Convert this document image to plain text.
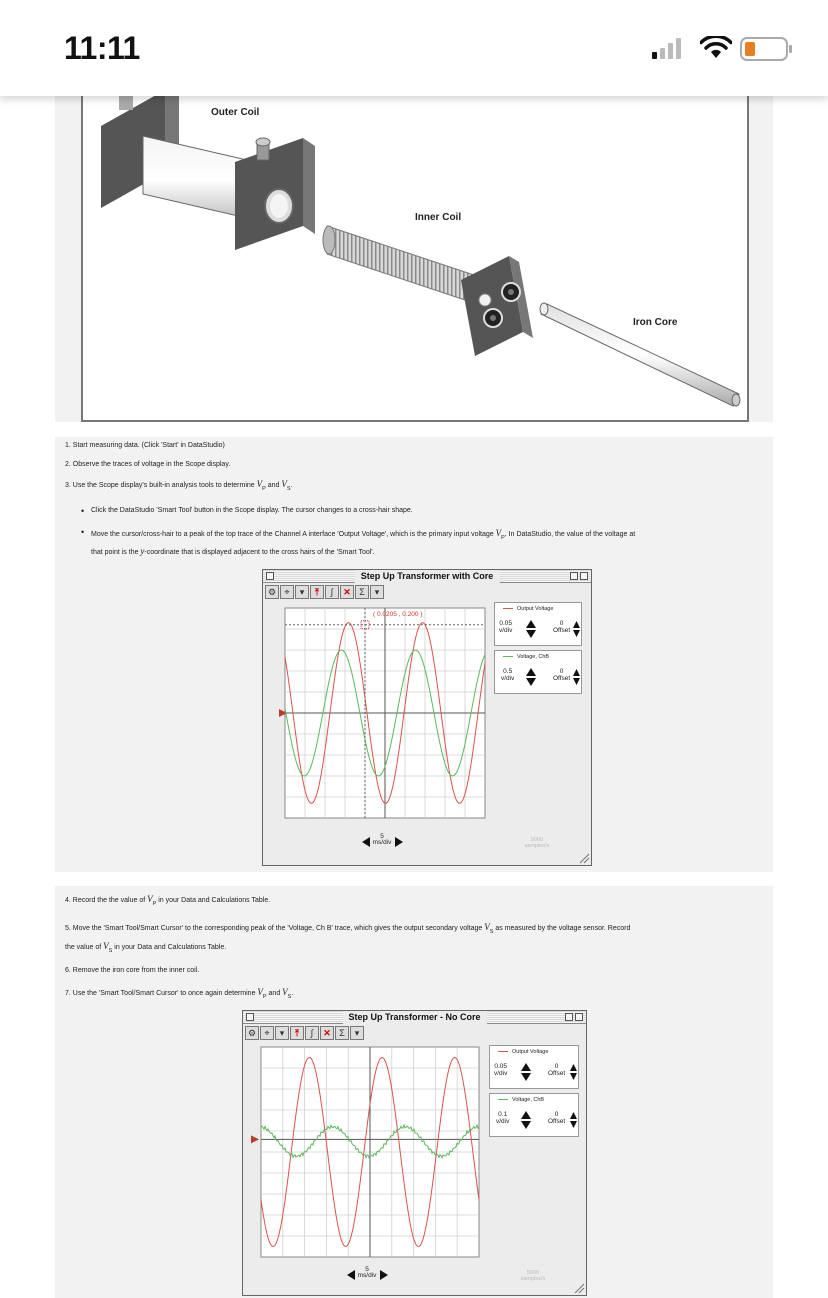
11:11
Outer Coil
Inner Coil
Iron Core
1. Start measuring data. (Click 'Start' in DataStudio)
2. Observe the traces of voltage in the Scope display.
3. Use the Scope display's built-in analysis tools to determine $V_P$ and $V_S$.
• Click the DataStudio 'Smart Tool' button in the Scope display. The cursor changes to a cross-hair shape.
• Move the cursor/cross-hair to a peak of the top trace of the Channel A interface 'Output Voltage', which is the primary input voltage $V_P$. In DataStudio, the value of the voltage at
that point is the y-coordinate that is displayed adjacent to the cross hairs of the 'Smart Tool'.
Step Up Transformer with Core
⚙ ⌖	▾	⤒	∫	✕ Σ	▾
( 0.0205 , 0.200 )
Output Voltage
0.05
v/div
0
Offset
Voltage, ChB
0.5
v/div
0
Offset
5
ms/div	5000
samples/s
4. Record the the value of $V_P$ in your Data and Calculations Table.
5. Move the 'Smart Tool/Smart Cursor' to the corresponding peak of the 'Voltage, Ch B' trace, which gives the output secondary voltage $V_S$ as measured by the voltage sensor. Record
the value of $V_S$ in your Data and Calculations Table.
6. Remove the iron core from the inner coil.
7. Use the 'Smart Tool/Smart Cursor' to once again determine $V_P$ and $V_S$.
Step Up Transformer - No Core
⚙ ⌖	▾	⤒	∫	✕ Σ	▾
Output Voltage
0.05
v/div
0
Offset
Voltage, ChB
0.1
v/div
0
Offset
5
ms/div	5000
samples/s
